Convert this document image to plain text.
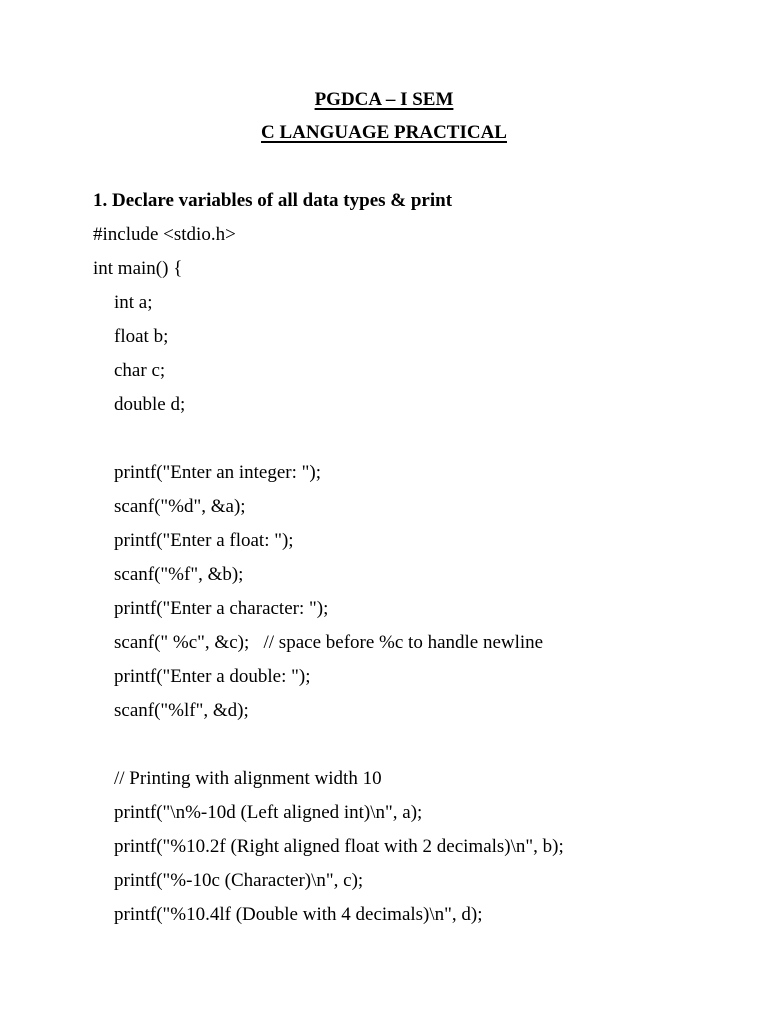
PGDCA – I SEM
C LANGUAGE PRACTICAL
1. Declare variables of all data types & print
#include <stdio.h>
int main() {
int a;
float b;
char c;
double d;
printf("Enter an integer: ");
scanf("%d", &a);
printf("Enter a float: ");
scanf("%f", &b);
printf("Enter a character: ");
scanf(" %c", &c);   // space before %c to handle newline
printf("Enter a double: ");
scanf("%lf", &d);
// Printing with alignment width 10
printf("\n%-10d (Left aligned int)\n", a);
printf("%10.2f (Right aligned float with 2 decimals)\n", b);
printf("%-10c (Character)\n", c);
printf("%10.4lf (Double with 4 decimals)\n", d);
